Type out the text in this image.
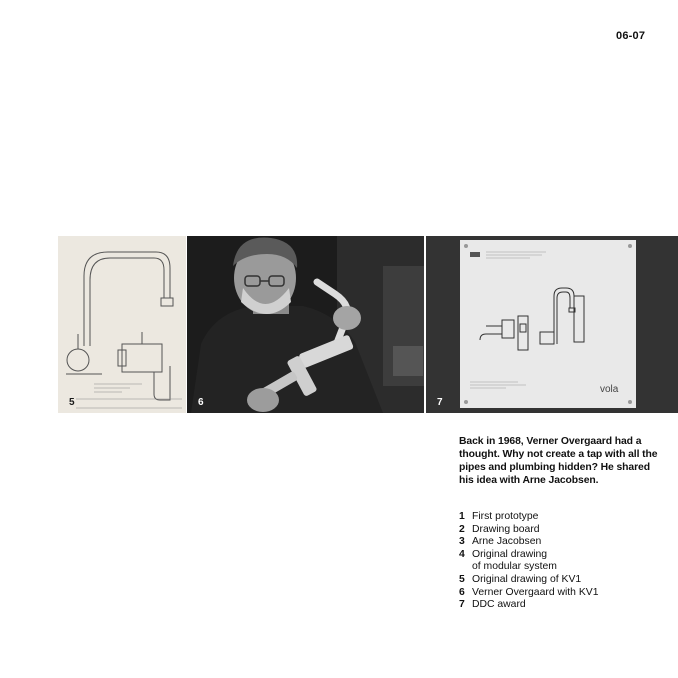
06-07
5	6
vola
7

Back in 1968, Verner Overgaard had a thought. Why not create a tap with all the pipes and plumbing hidden? He shared his idea with Arne Jacobsen.

1 First prototype
2 Drawing board
3 Arne Jacobsen
4 Original drawing
of modular system
5 Original drawing of KV1
6 Verner Overgaard with KV1
7 DDC award
